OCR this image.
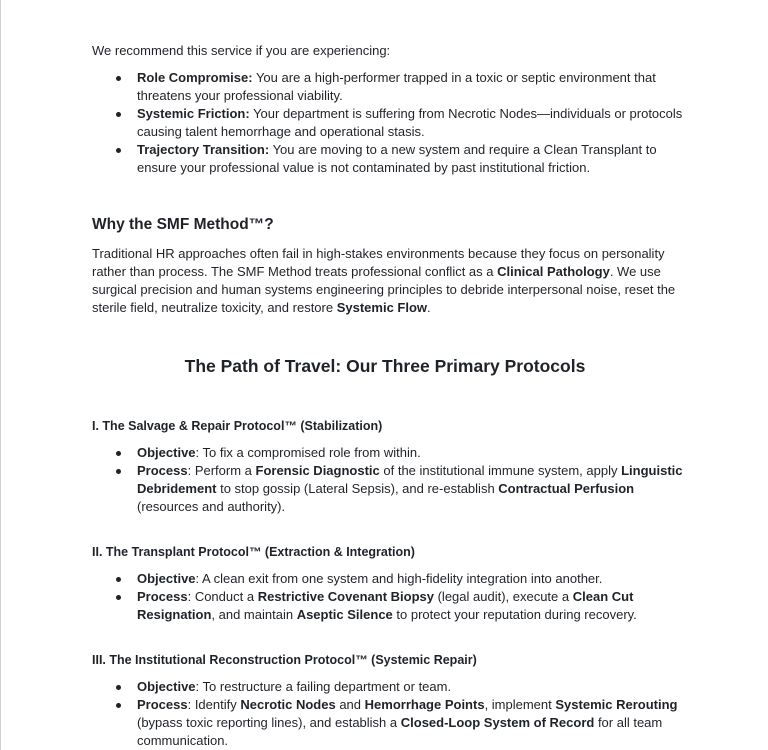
We recommend this service if you are experiencing:

Role Compromise: You are a high-performer trapped in a toxic or septic environment that threatens your professional viability.
Systemic Friction: Your department is suffering from Necrotic Nodes—individuals or protocols causing talent hemorrhage and operational stasis.
Trajectory Transition: You are moving to a new system and require a Clean Transplant to ensure your professional value is not contaminated by past institutional friction.
Why the SMF Method™?

Traditional HR approaches often fail in high-stakes environments because they focus on personality rather than process. The SMF Method treats professional conflict as a Clinical Pathology. We use surgical precision and human systems engineering principles to debride interpersonal noise, reset the sterile field, neutralize toxicity, and restore Systemic Flow.

The Path of Travel: Our Three Primary Protocols
I. The Salvage & Repair Protocol™ (Stabilization)
Objective: To fix a compromised role from within.
Process: Perform a Forensic Diagnostic of the institutional immune system, apply Linguistic Debridement to stop gossip (Lateral Sepsis), and re-establish Contractual Perfusion (resources and authority).
II. The Transplant Protocol™ (Extraction & Integration)
Objective: A clean exit from one system and high-fidelity integration into another.
Process: Conduct a Restrictive Covenant Biopsy (legal audit), execute a Clean Cut Resignation, and maintain Aseptic Silence to protect your reputation during recovery.
III. The Institutional Reconstruction Protocol™ (Systemic Repair)
Objective: To restructure a failing department or team.
Process: Identify Necrotic Nodes and Hemorrhage Points, implement Systemic Rerouting (bypass toxic reporting lines), and establish a Closed-Loop System of Record for all team communication.
